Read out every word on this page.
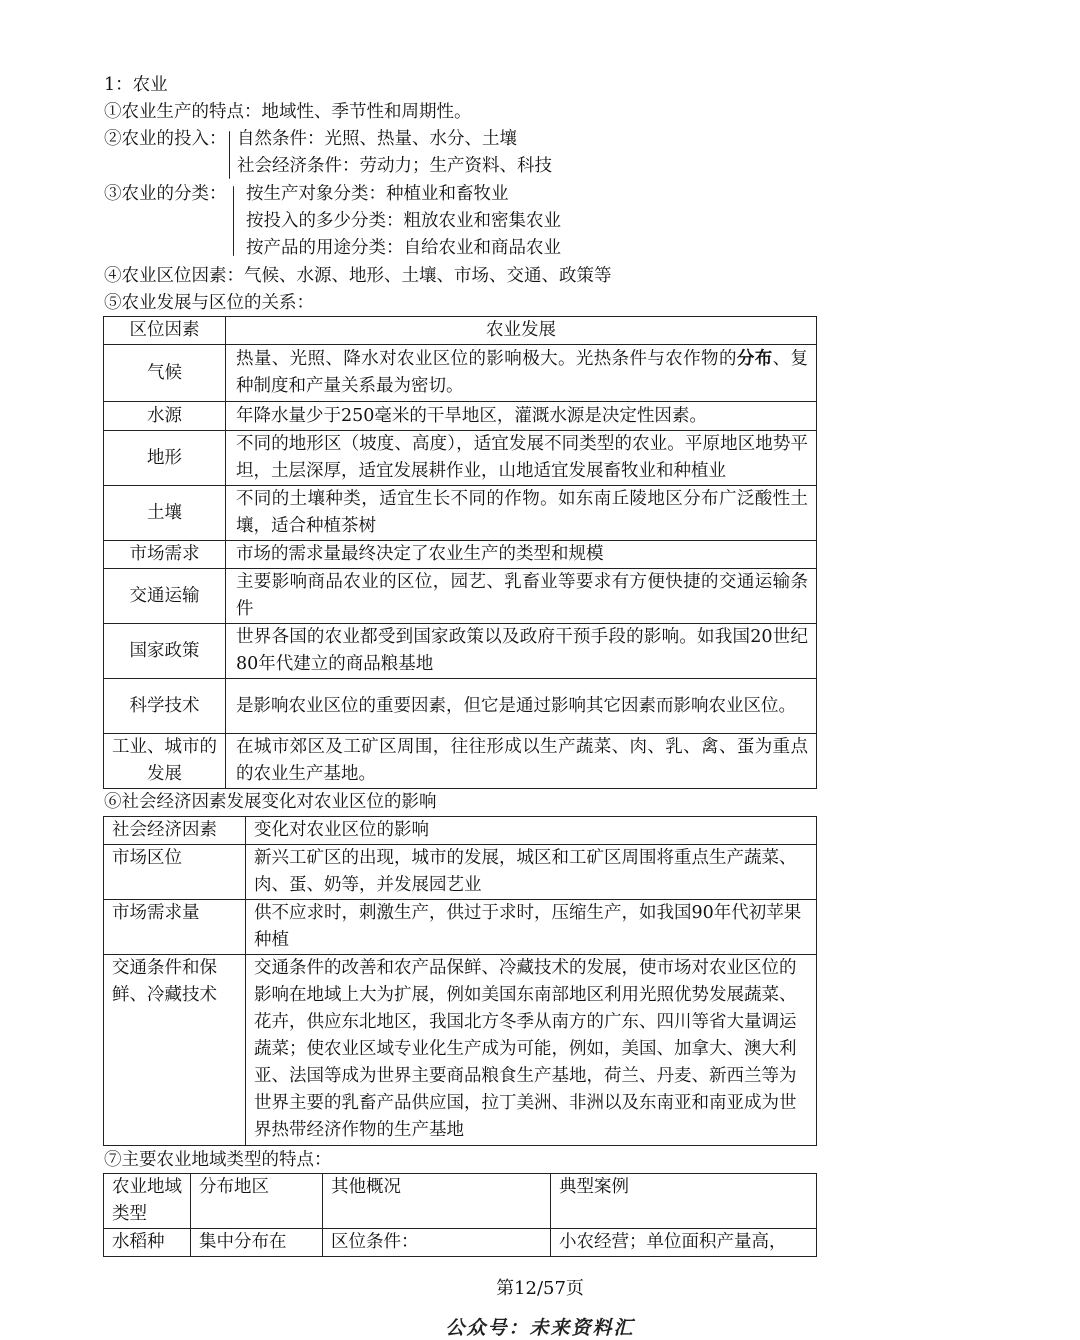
1：农业
①农业生产的特点：地域性、季节性和周期性。
②农业的投入： 自然条件：光照、热量、水分、土壤
社会经济条件：劳动力；生产资料、科技
③农业的分类： 按生产对象分类：种植业和畜牧业
按投入的多少分类：粗放农业和密集农业
按产品的用途分类：自给农业和商品农业
④农业区位因素：气候、水源、地形、土壤、市场、交通、政策等
⑤农业发展与区位的关系：
区位因素	农业发展
气候	热量、光照、降水对农业区位的影响极大。光热条件与农作物的分布、复种制度和产量关系最为密切。
水源	年降水量少于250毫米的干旱地区，灌溉水源是决定性因素。
地形	不同的地形区（坡度、高度），适宜发展不同类型的农业。平原地区地势平坦，土层深厚，适宜发展耕作业，山地适宜发展畜牧业和种植业
土壤	不同的土壤种类，适宜生长不同的作物。如东南丘陵地区分布广泛酸性土壤，适合种植茶树
市场需求	市场的需求量最终决定了农业生产的类型和规模
交通运输	主要影响商品农业的区位，园艺、乳畜业等要求有方便快捷的交通运输条件
国家政策	世界各国的农业都受到国家政策以及政府干预手段的影响。如我国20世纪80年代建立的商品粮基地
科学技术	是影响农业区位的重要因素，但它是通过影响其它因素而影响农业区位。
工业、城市的发展	在城市郊区及工矿区周围，往往形成以生产蔬菜、肉、乳、禽、蛋为重点的农业生产基地。
⑥社会经济因素发展变化对农业区位的影响
社会经济因素	变化对农业区位的影响
市场区位	新兴工矿区的出现，城市的发展，城区和工矿区周围将重点生产蔬菜、肉、蛋、奶等，并发展园艺业
市场需求量	供不应求时，刺激生产，供过于求时，压缩生产，如我国90年代初苹果种植
交通条件和保鲜、冷藏技术	交通条件的改善和农产品保鲜、冷藏技术的发展，使市场对农业区位的影响在地域上大为扩展，例如美国东南部地区利用光照优势发展蔬菜、花卉，供应东北地区，我国北方冬季从南方的广东、四川等省大量调运蔬菜；使农业区域专业化生产成为可能，例如，美国、加拿大、澳大利亚、法国等成为世界主要商品粮食生产基地，荷兰、丹麦、新西兰等为世界主要的乳畜产品供应国，拉丁美洲、非洲以及东南亚和南亚成为世界热带经济作物的生产基地
⑦主要农业地域类型的特点：
农业地域类型	分布地区	其他概况	典型案例
水稻种	集中分布在	区位条件：	小农经营；单位面积产量高，
第12/57页
公众号：未来资料汇
